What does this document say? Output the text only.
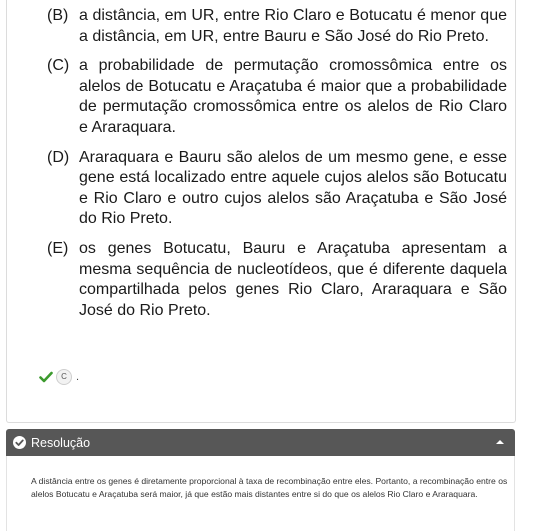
(B) a distância, em UR, entre Rio Claro e Botucatu é menor que a distância, em UR, entre Bauru e São José do Rio Preto.
(C) a probabilidade de permutação cromossômica entre os alelos de Botucatu e Araçatuba é maior que a probabilidade de permutação cromossômica entre os alelos de Rio Claro e Araraquara.
(D) Araraquara e Bauru são alelos de um mesmo gene, e esse gene está localizado entre aquele cujos alelos são Botucatu e Rio Claro e outro cujos alelos são Araçatuba e São José do Rio Preto.
(E) os genes Botucatu, Bauru e Araçatuba apresentam a mesma sequência de nucleotídeos, que é diferente daquela compartilhada pelos genes Rio Claro, Araraquara e São José do Rio Preto.
C .
Resolução
A distância entre os genes é diretamente proporcional à taxa de recombinação entre eles. Portanto, a recombinação entre os alelos Botucatu e Araçatuba será maior, já que estão mais distantes entre si do que os alelos Rio Claro e Araraquara.
